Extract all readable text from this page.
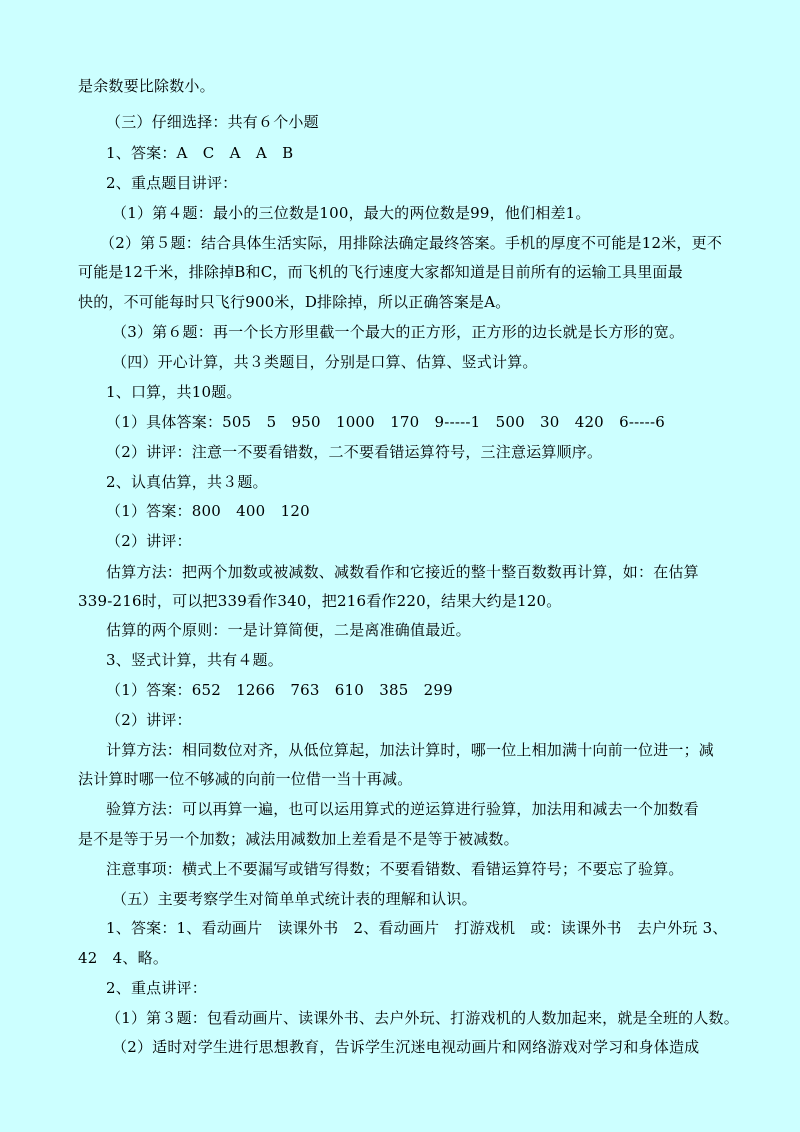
是余数要比除数小。
（三）仔细选择：共有６个小题
1、答案：A　C　A　A　B
2、重点题目讲评：
（1）第４题：最小的三位数是100，最大的两位数是99，他们相差1。
（2）第５题：结合具体生活实际，用排除法确定最终答案。手机的厚度不可能是12米，更不
可能是12千米，排除掉B和C，而飞机的飞行速度大家都知道是目前所有的运输工具里面最
快的，不可能每时只飞行900米，D排除掉，所以正确答案是A。
（3）第６题：再一个长方形里截一个最大的正方形，正方形的边长就是长方形的宽。
（四）开心计算，共３类题目，分别是口算、估算、竖式计算。
1、口算，共10题。
（1）具体答案：505　5　950　1000　170　9-----1　500　30　420　6-----6
（2）讲评：注意一不要看错数，二不要看错运算符号，三注意运算顺序。
2、认真估算，共３题。
（1）答案：800　400　120
（2）讲评：
估算方法：把两个加数或被减数、减数看作和它接近的整十整百数数再计算，如：在估算
339-216时，可以把339看作340，把216看作220，结果大约是120。
估算的两个原则：一是计算简便，二是离准确值最近。
3、竖式计算，共有４题。
（1）答案：652　1266　763　610　385　299
（2）讲评：
计算方法：相同数位对齐，从低位算起，加法计算时，哪一位上相加满十向前一位进一；减
法计算时哪一位不够减的向前一位借一当十再减。
验算方法：可以再算一遍，也可以运用算式的逆运算进行验算，加法用和减去一个加数看
是不是等于另一个加数；减法用减数加上差看是不是等于被减数。
注意事项：横式上不要漏写或错写得数；不要看错数、看错运算符号；不要忘了验算。
（五）主要考察学生对简单单式统计表的理解和认识。
1、答案：1、看动画片　读课外书　2、看动画片　打游戏机　或：读课外书　去户外玩 3、
42　4、略。
2、重点讲评：
（1）第３题：包看动画片、读课外书、去户外玩、打游戏机的人数加起来，就是全班的人数。
（2）适时对学生进行思想教育，告诉学生沉迷电视动画片和网络游戏对学习和身体造成
